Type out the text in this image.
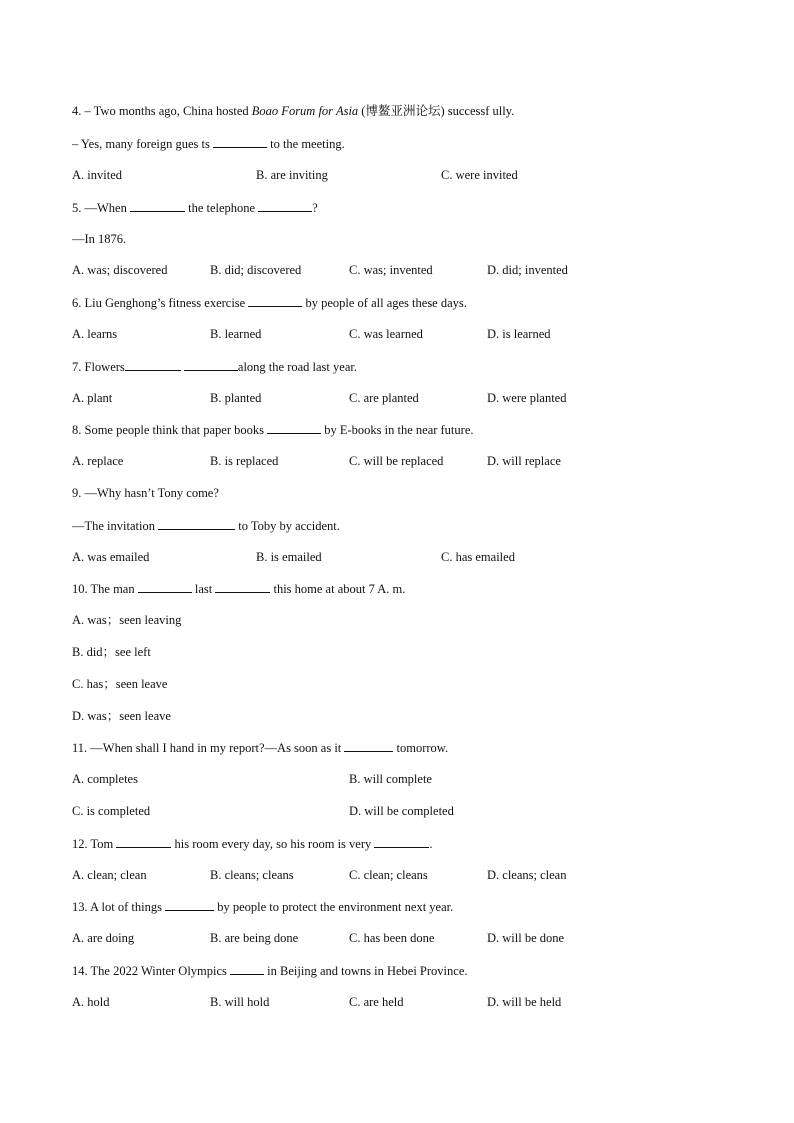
4. – Two months ago, China hosted Boao Forum for Asia (博鳌亚洲论坛) successf ully.
– Yes, many foreign gues ts	to the meeting.
A. invited	B. are inviting	C. were invited
5. —When	the telephone	?
—In 1876.
A. was; discovered	B. did; discovered	C. was; invented	D. did; invented
6. Liu Genghong’s fitness exercise	by people of all ages these days.
A. learns	B. learned	C. was learned	D. is learned
7. Flowers	along the road last year.
A. plant	B. planted	C. are planted	D. were planted
8. Some people think that paper books	by E-books in the near future.
A. replace	B. is replaced	C. will be replaced	D. will replace
9. —Why hasn’t Tony come?
—The invitation	to Toby by accident.
A. was emailed	B. is emailed	C. has emailed
10. The man	last	this home at about 7 A. m.
A. was；seen leaving
B. did；see left
C. has；seen leave
D. was；seen leave
11. —When shall I hand in my report?—As soon as it	tomorrow.
A. completes	B. will complete
C. is completed	D. will be completed
12. Tom	his room every day, so his room is very	.
A. clean; clean	B. cleans; cleans	C. clean; cleans	D. cleans; clean
13. A lot of things	by people to protect the environment next year.
A. are doing	B. are being done	C. has been done	D. will be done
14. The 2022 Winter Olympics	in Beijing and towns in Hebei Province.
A. hold	B. will hold	C. are held	D. will be held
